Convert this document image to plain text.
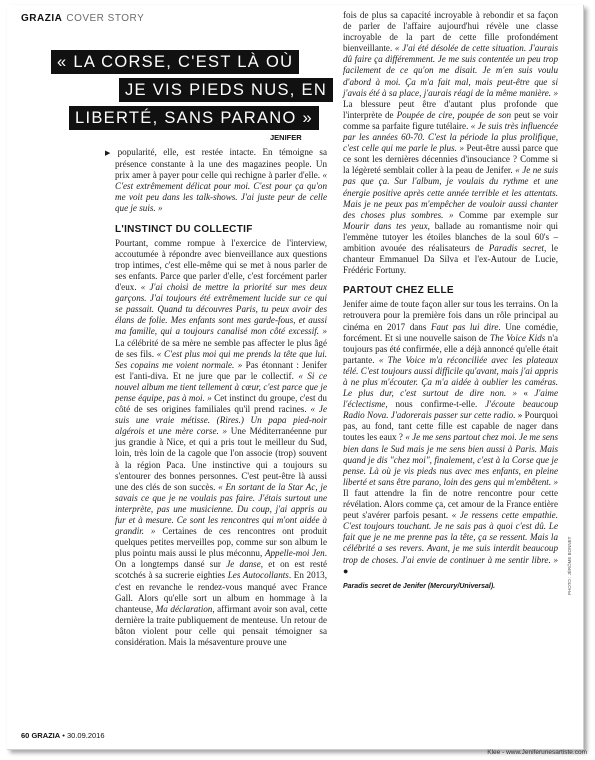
GRAZIA COVER STORY
« LA CORSE, C'EST LÀ OÙ
JE VIS PIEDS NUS, EN
LIBERTÉ, SANS PARANO »
JENIFER

▶ popularité, elle, est restée intacte. En témoigne sa présence constante à la une des magazines people. Un prix amer à payer pour celle qui rechigne à parler d'elle. « C'est extrêmement délicat pour moi. C'est pour ça qu'on me voit peu dans les talk-shows. J'ai juste peur de celle que je suis. »

L'INSTINCT DU COLLECTIF

Pourtant, comme rompue à l'exercice de l'interview, accoutumée à répondre avec bienveillance aux questions trop intimes, c'est elle-même qui se met à nous parler de ses enfants. Parce que parler d'elle, c'est forcément parler d'eux. « J'ai choisi de mettre la priorité sur mes deux garçons. J'ai toujours été extrêmement lucide sur ce qui se passait. Quand tu découvres Paris, tu peux avoir des élans de folie. Mes enfants sont mes garde-fous, et aussi ma famille, qui a toujours canalisé mon côté excessif. » La célébrité de sa mère ne semble pas affecter le plus âgé de ses fils. « C'est plus moi qui me prends la tête que lui. Ses copains me voient normale. » Pas étonnant : Jenifer est l'anti-diva. Et ne jure que par le collectif. « Si ce nouvel album me tient tellement à cœur, c'est parce que je pense équipe, pas à moi. » Cet instinct du groupe, c'est du côté de ses origines familiales qu'il prend racines. « Je suis une vraie métisse. (Rires.) Un papa pied-noir algérois et une mère corse. » Une Méditerranéenne pur jus grandie à Nice, et qui a pris tout le meilleur du Sud, loin, très loin de la cagole que l'on associe (trop) souvent à la région Paca. Une instinctive qui a toujours su s'entourer des bonnes personnes. C'est peut-être là aussi une des clés de son succès. « En sortant de la Star Ac, je savais ce que je ne voulais pas faire. J'étais surtout une interprète, pas une musicienne. Du coup, j'ai appris au fur et à mesure. Ce sont les rencontres qui m'ont aidée à grandir. » Certaines de ces rencontres ont produit quelques petites merveilles pop, comme sur son album le plus pointu mais aussi le plus méconnu, Appelle-moi Jen. On a longtemps dansé sur Je danse, et on est resté scotchés à sa sucrerie eighties Les Autocollants. En 2013, c'est en revanche le rendez-vous manqué avec France Gall. Alors qu'elle sort un album en hommage à la chanteuse, Ma déclaration, affirmant avoir son aval, cette dernière la traite publiquement de menteuse. Un retour de bâton violent pour celle qui pensait témoigner sa considération. Mais la mésaventure prouve une

fois de plus sa capacité incroyable à rebondir et sa façon de parler de l'affaire aujourd'hui révèle une classe incroyable de la part de cette fille profondément bienveillante. « J'ai été désolée de cette situation. J'aurais dû faire ça différemment. Je me suis contentée un peu trop facilement de ce qu'on me disait. Je m'en suis voulu d'abord à moi. Ça m'a fait mal, mais peut-être que si j'avais été à sa place, j'aurais réagi de la même manière. » La blessure peut être d'autant plus profonde que l'interprète de Poupée de cire, poupée de son peut se voir comme sa parfaite figure tutélaire. « Je suis très influencée par les années 60-70. C'est la période la plus prolifique, c'est celle qui me parle le plus. » Peut-être aussi parce que ce sont les dernières décennies d'insouciance ? Comme si la légèreté semblait coller à la peau de Jenifer. « Je ne suis pas que ça. Sur l'album, je voulais du rythme et une énergie positive après cette année terrible et les attentats. Mais je ne peux pas m'empêcher de vouloir aussi chanter des choses plus sombres. » Comme par exemple sur Mourir dans tes yeux, ballade au romantisme noir qui l'emmène tutoyer les étoiles blanches de la soul 60's – ambition avouée des réalisateurs de Paradis secret, le chanteur Emmanuel Da Silva et l'ex-Autour de Lucie, Frédéric Fortuny.

PARTOUT CHEZ ELLE

Jenifer aime de toute façon aller sur tous les terrains. On la retrouvera pour la première fois dans un rôle principal au cinéma en 2017 dans Faut pas lui dire. Une comédie, forcément. Et si une nouvelle saison de The Voice Kids n'a toujours pas été confirmée, elle a déjà annoncé qu'elle était partante. « The Voice m'a réconciliée avec les plateaux télé. C'est toujours aussi difficile qu'avant, mais j'ai appris à ne plus m'écouter. Ça m'a aidée à oublier les caméras. Le plus dur, c'est surtout de dire non. » « J'aime l'éclectisme, nous confirme-t-elle. J'écoute beaucoup Radio Nova. J'adorerais passer sur cette radio. » Pourquoi pas, au fond, tant cette fille est capable de nager dans toutes les eaux ? « Je me sens partout chez moi. Je me sens bien dans le Sud mais je me sens bien aussi à Paris. Mais quand je dis "chez moi", finalement, c'est à la Corse que je pense. Là où je vis pieds nus avec mes enfants, en pleine liberté et sans être parano, loin des gens qui m'embêtent. » Il faut attendre la fin de notre rencontre pour cette révélation. Alors comme ça, cet amour de la France entière peut s'avérer parfois pesant. « Je ressens cette empathie. C'est toujours touchant. Je ne sais pas à quoi c'est dû. Le fait que je ne me prenne pas la tête, ça se ressent. Mais la célébrité a ses revers. Avant, je me suis interdit beaucoup trop de choses. J'ai envie de continuer à me sentir libre. » ●

Paradis secret de Jenifer (Mercury/Universal).	PHOTO : JÉRÔME BONNET
60 GRAZIA • 30.09.2016
Klee - www.Jeniferunesartiste.com
